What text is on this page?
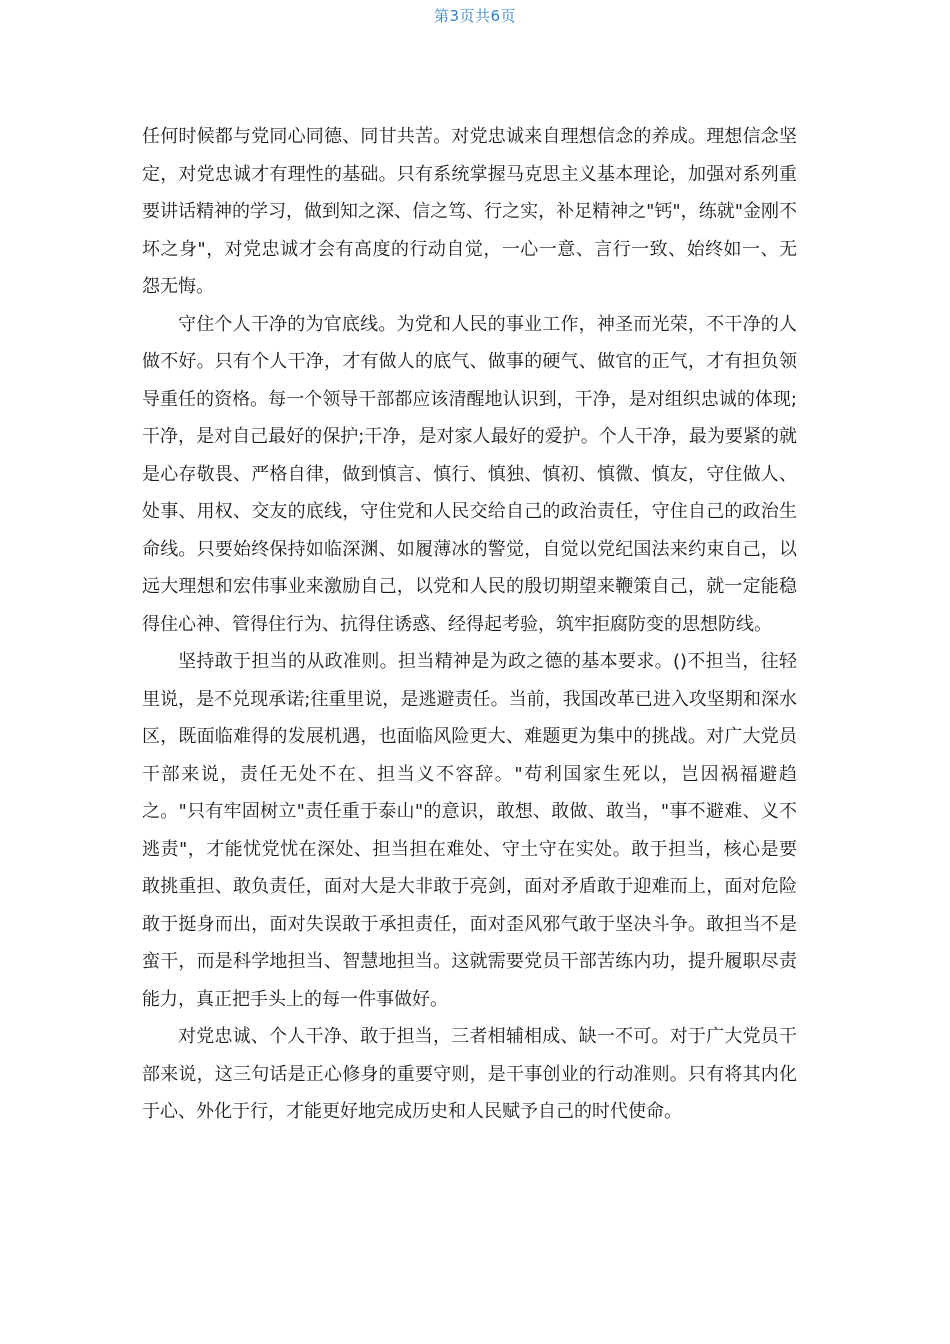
第3页共6页

任何时候都与党同心同德、同甘共苦。对党忠诚来自理想信念的养成。理想信念坚定，对党忠诚才有理性的基础。只有系统掌握马克思主义基本理论，加强对系列重要讲话精神的学习，做到知之深、信之笃、行之实，补足精神之"钙"，练就"金刚不坏之身"，对党忠诚才会有高度的行动自觉，一心一意、言行一致、始终如一、无怨无悔。

守住个人干净的为官底线。为党和人民的事业工作，神圣而光荣，不干净的人做不好。只有个人干净，才有做人的底气、做事的硬气、做官的正气，才有担负领导重任的资格。每一个领导干部都应该清醒地认识到，干净，是对组织忠诚的体现;干净，是对自己最好的保护;干净，是对家人最好的爱护。个人干净，最为要紧的就是心存敬畏、严格自律，做到慎言、慎行、慎独、慎初、慎微、慎友，守住做人、处事、用权、交友的底线，守住党和人民交给自己的政治责任，守住自己的政治生命线。只要始终保持如临深渊、如履薄冰的警觉，自觉以党纪国法来约束自己，以远大理想和宏伟事业来激励自己，以党和人民的殷切期望来鞭策自己，就一定能稳得住心神、管得住行为、抗得住诱惑、经得起考验，筑牢拒腐防变的思想防线。

坚持敢于担当的从政准则。担当精神是为政之德的基本要求。()不担当，往轻里说，是不兑现承诺;往重里说，是逃避责任。当前，我国改革已进入攻坚期和深水区，既面临难得的发展机遇，也面临风险更大、难题更为集中的挑战。对广大党员干部来说，责任无处不在、担当义不容辞。"苟利国家生死以，岂因祸福避趋之。"只有牢固树立"责任重于泰山"的意识，敢想、敢做、敢当，"事不避难、义不逃责"，才能忧党忧在深处、担当担在难处、守土守在实处。敢于担当，核心是要敢挑重担、敢负责任，面对大是大非敢于亮剑，面对矛盾敢于迎难而上，面对危险敢于挺身而出，面对失误敢于承担责任，面对歪风邪气敢于坚决斗争。敢担当不是蛮干，而是科学地担当、智慧地担当。这就需要党员干部苦练内功，提升履职尽责能力，真正把手头上的每一件事做好。

对党忠诚、个人干净、敢于担当，三者相辅相成、缺一不可。对于广大党员干部来说，这三句话是正心修身的重要守则，是干事创业的行动准则。只有将其内化于心、外化于行，才能更好地完成历史和人民赋予自己的时代使命。
